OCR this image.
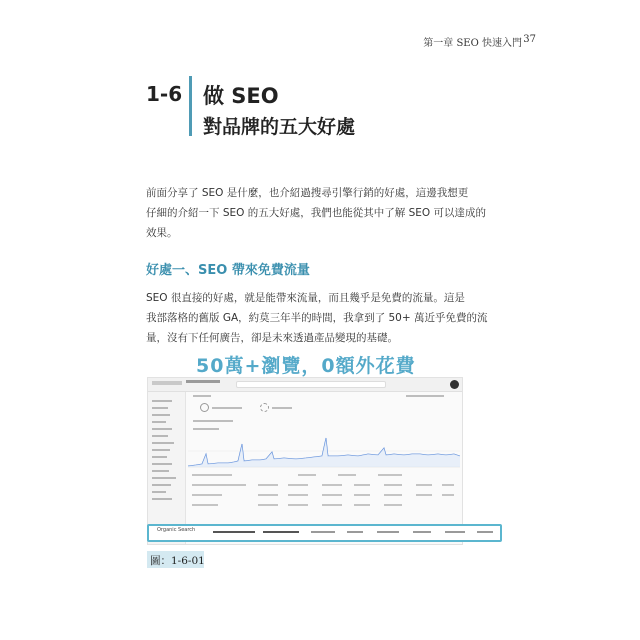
第一章 SEO 快速入門 37
1-6 做 SEO
對品牌的五大好處
前面分享了 SEO 是什麼，也介紹過搜尋引擎行銷的好處，這邊我想更
仔細的介紹一下 SEO 的五大好處，我們也能從其中了解 SEO 可以達成的
效果。
好處一、SEO 帶來免費流量
SEO 很直接的好處，就是能帶來流量，而且幾乎是免費的流量。這是
我部落格的舊版 GA，約莫三年半的時間，我拿到了 50+ 萬近乎免費的流
量，沒有下任何廣告，卻是未來透過產品變現的基礎。
50萬+瀏覽，0額外花費
Organic Search
圖：1-6-01
